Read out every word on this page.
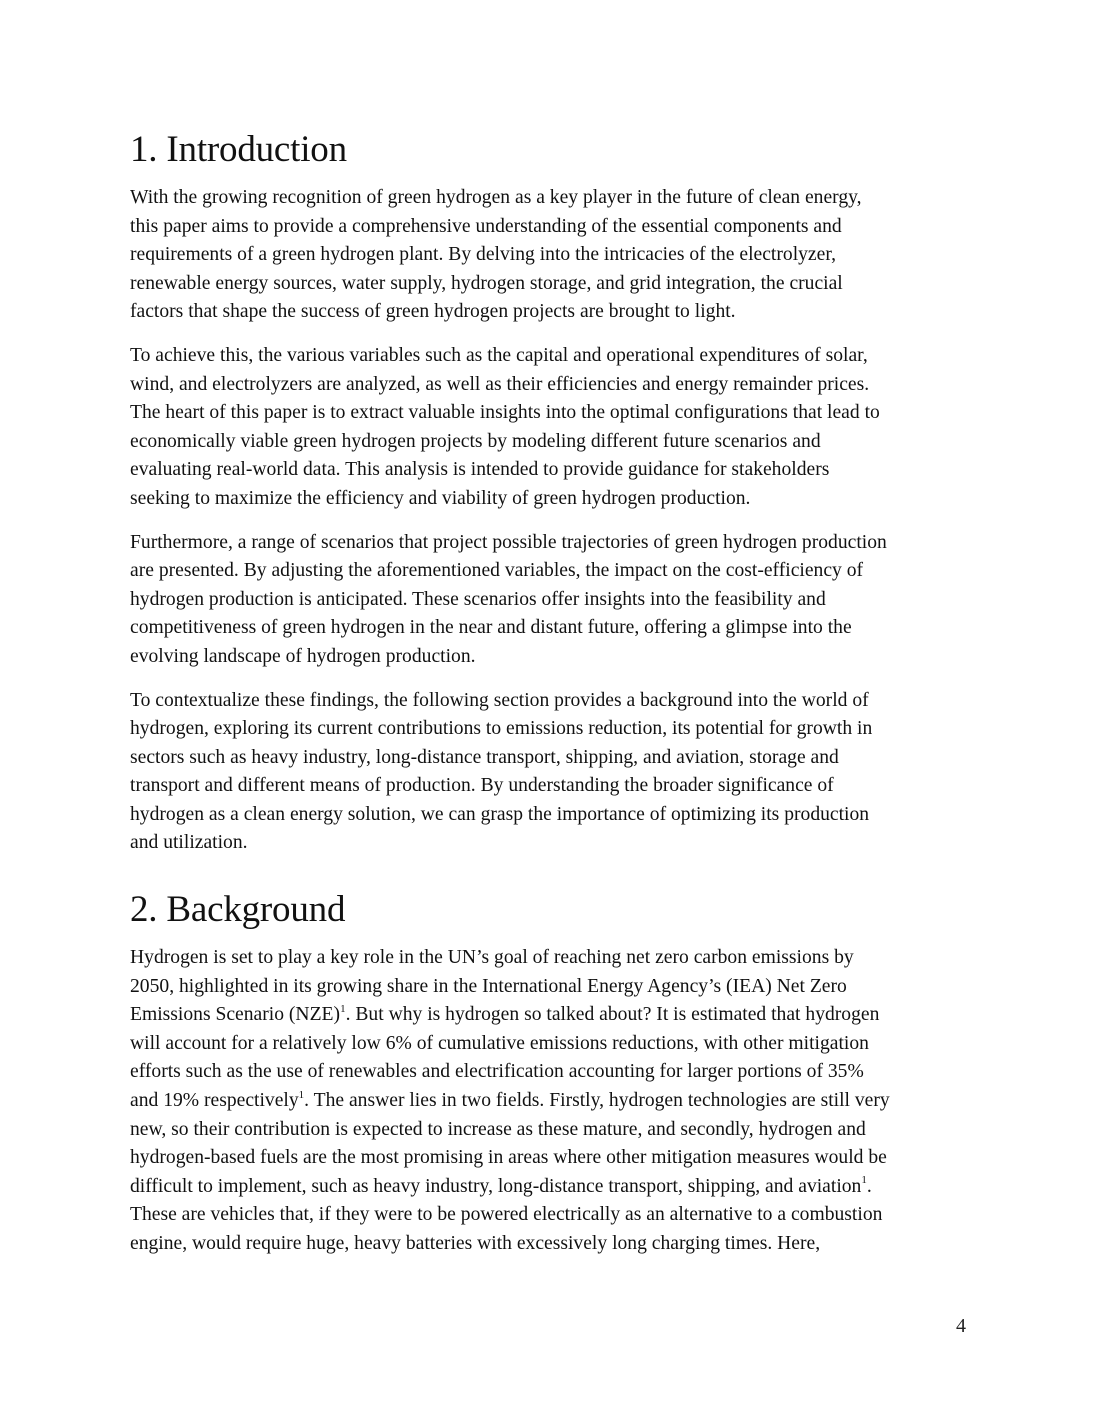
1. Introduction

With the growing recognition of green hydrogen as a key player in the future of clean energy,
this paper aims to provide a comprehensive understanding of the essential components and
requirements of a green hydrogen plant. By delving into the intricacies of the electrolyzer,
renewable energy sources, water supply, hydrogen storage, and grid integration, the crucial
factors that shape the success of green hydrogen projects are brought to light.

To achieve this, the various variables such as the capital and operational expenditures of solar,
wind, and electrolyzers are analyzed, as well as their efficiencies and energy remainder prices.
The heart of this paper is to extract valuable insights into the optimal configurations that lead to
economically viable green hydrogen projects by modeling different future scenarios and
evaluating real-world data. This analysis is intended to provide guidance for stakeholders
seeking to maximize the efficiency and viability of green hydrogen production.

Furthermore, a range of scenarios that project possible trajectories of green hydrogen production
are presented. By adjusting the aforementioned variables, the impact on the cost-efficiency of
hydrogen production is anticipated. These scenarios offer insights into the feasibility and
competitiveness of green hydrogen in the near and distant future, offering a glimpse into the
evolving landscape of hydrogen production.

To contextualize these findings, the following section provides a background into the world of
hydrogen, exploring its current contributions to emissions reduction, its potential for growth in
sectors such as heavy industry, long-distance transport, shipping, and aviation, storage and
transport and different means of production. By understanding the broader significance of
hydrogen as a clean energy solution, we can grasp the importance of optimizing its production
and utilization.

2. Background

Hydrogen is set to play a key role in the UN’s goal of reaching net zero carbon emissions by
2050, highlighted in its growing share in the International Energy Agency’s (IEA) Net Zero
Emissions Scenario (NZE)$^1$. But why is hydrogen so talked about? It is estimated that hydrogen
will account for a relatively low 6% of cumulative emissions reductions, with other mitigation
efforts such as the use of renewables and electrification accounting for larger portions of 35%
and 19% respectively$^1$. The answer lies in two fields. Firstly, hydrogen technologies are still very
new, so their contribution is expected to increase as these mature, and secondly, hydrogen and
hydrogen-based fuels are the most promising in areas where other mitigation measures would be
difficult to implement, such as heavy industry, long-distance transport, shipping, and aviation$^1$.
These are vehicles that, if they were to be powered electrically as an alternative to a combustion
engine, would require huge, heavy batteries with excessively long charging times. Here,

4
